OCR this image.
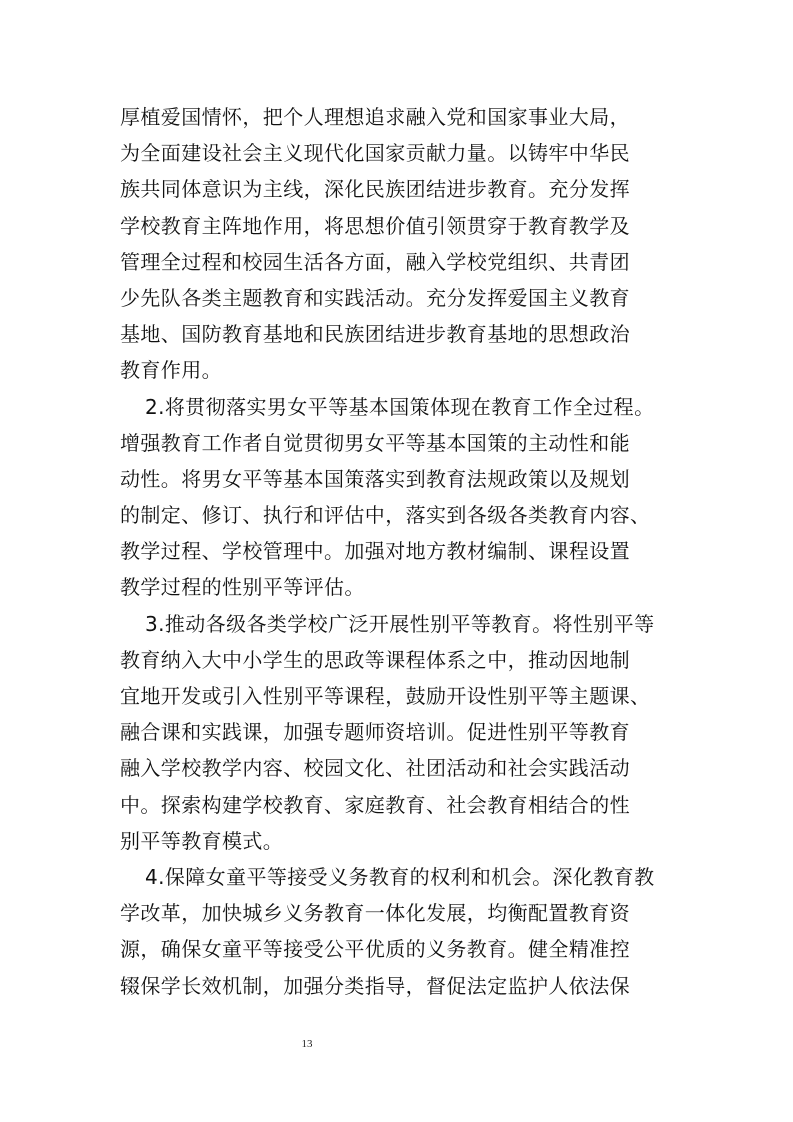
厚植爱国情怀，把个人理想追求融入党和国家事业大局，
为全面建设社会主义现代化国家贡献力量。以铸牢中华民
族共同体意识为主线，深化民族团结进步教育。充分发挥
学校教育主阵地作用，将思想价值引领贯穿于教育教学及
管理全过程和校园生活各方面，融入学校党组织、共青团
少先队各类主题教育和实践活动。充分发挥爱国主义教育
基地、国防教育基地和民族团结进步教育基地的思想政治
教育作用。
2.将贯彻落实男女平等基本国策体现在教育工作全过程。
增强教育工作者自觉贯彻男女平等基本国策的主动性和能
动性。将男女平等基本国策落实到教育法规政策以及规划
的制定、修订、执行和评估中，落实到各级各类教育内容、
教学过程、学校管理中。加强对地方教材编制、课程设置
教学过程的性别平等评估。
3.推动各级各类学校广泛开展性别平等教育。将性别平等
教育纳入大中小学生的思政等课程体系之中，推动因地制
宜地开发或引入性别平等课程，鼓励开设性别平等主题课、
融合课和实践课，加强专题师资培训。促进性别平等教育
融入学校教学内容、校园文化、社团活动和社会实践活动
中。探索构建学校教育、家庭教育、社会教育相结合的性
别平等教育模式。
4.保障女童平等接受义务教育的权利和机会。深化教育教
学改革，加快城乡义务教育一体化发展，均衡配置教育资
源，确保女童平等接受公平优质的义务教育。健全精准控
辍保学长效机制，加强分类指导，督促法定监护人依法保
13
